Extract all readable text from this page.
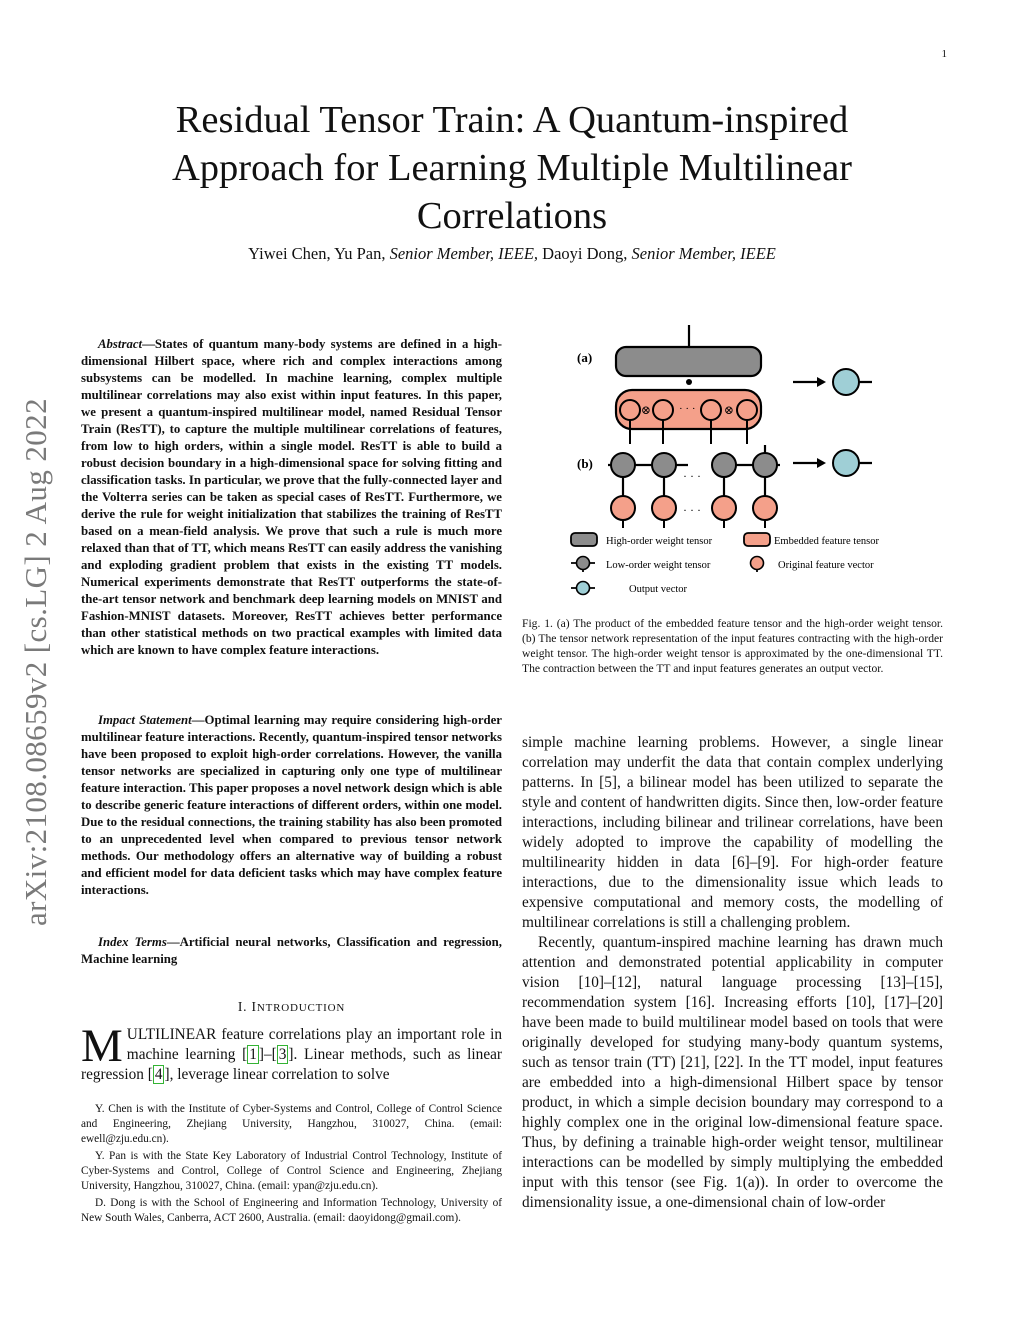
1
Residual Tensor Train: A Quantum-inspired Approach for Learning Multiple Multilinear Correlations
Yiwei Chen, Yu Pan, Senior Member, IEEE, Daoyi Dong, Senior Member, IEEE
arXiv:2108.08659v2 [cs.LG] 2 Aug 2022

Abstract—States of quantum many-body systems are defined in a high-dimensional Hilbert space, where rich and complex interactions among subsystems can be modelled. In machine learning, complex multiple multilinear correlations may also exist within input features. In this paper, we present a quantum-inspired multilinear model, named Residual Tensor Train (ResTT), to capture the multiple multilinear correlations of features, from low to high orders, within a single model. ResTT is able to build a robust decision boundary in a high-dimensional space for solving fitting and classification tasks. In particular, we prove that the fully-connected layer and the Volterra series can be taken as special cases of ResTT. Furthermore, we derive the rule for weight initialization that stabilizes the training of ResTT based on a mean-field analysis. We prove that such a rule is much more relaxed than that of TT, which means ResTT can easily address the vanishing and exploding gradient problem that exists in the existing TT models. Numerical experiments demonstrate that ResTT outperforms the state-of-the-art tensor network and benchmark deep learning models on MNIST and Fashion-MNIST datasets. Moreover, ResTT achieves better performance than other statistical methods on two practical examples with limited data which are known to have complex feature interactions.

Impact Statement—Optimal learning may require considering high-order multilinear feature interactions. Recently, quantum-inspired tensor networks have been proposed to exploit high-order correlations. However, the vanilla tensor networks are specialized in capturing only one type of multilinear feature interaction. This paper proposes a novel network design which is able to describe generic feature interactions of different orders, within one model. Due to the residual connections, the training stability has also been promoted to an unprecedented level when compared to previous tensor network methods. Our methodology offers an alternative way of building a robust and efficient model for data deficient tasks which may have complex feature interactions.

Index Terms—Artificial neural networks, Classification and regression, Machine learning

I. INTRODUCTION

MULTILINEAR feature correlations play an important role in machine learning [ 1 ]–[ 3 ]. Linear methods, such as linear regression [ 4 ], leverage linear correlation to solve

Y. Chen is with the Institute of Cyber-Systems and Control, College of Control Science and Engineering, Zhejiang University, Hangzhou, 310027, China. (email: ewell@zju.edu.cn).

Y. Pan is with the State Key Laboratory of Industrial Control Technology, Institute of Cyber-Systems and Control, College of Control Science and Engineering, Zhejiang University, Hangzhou, 310027, China. (email: ypan@zju.edu.cn).

D. Dong is with the School of Engineering and Information Technology, University of New South Wales, Canberra, ACT 2600, Australia. (email: daoyidong@gmail.com).

(a)
⊗	⊗
· · ·
(b)
· · ·
· · ·
High-order weight tensor	Embedded feature tensor
Low-order weight tensor	Original feature vector
Output vector
Fig. 1. (a) The product of the embedded feature tensor and the high-order weight tensor. (b) The tensor network representation of the input features contracting with the high-order weight tensor. The high-order weight tensor is approximated by the one-dimensional TT. The contraction between the TT and input features generates an output vector.

simple machine learning problems. However, a single linear correlation may underfit the data that contain complex underlying patterns. In [5], a bilinear model has been utilized to separate the style and content of handwritten digits. Since then, low-order feature interactions, including bilinear and trilinear correlations, have been widely adopted to improve the capability of modelling the multilinearity hidden in data [6]–[9]. For high-order feature interactions, due to the dimensionality issue which leads to expensive computational and memory costs, the modelling of multilinear correlations is still a challenging problem.

Recently, quantum-inspired machine learning has drawn much attention and demonstrated potential applicability in computer vision [10]–[12], natural language processing [13]–[15], recommendation system [16]. Increasing efforts [10], [17]–[20] have been made to build multilinear model based on tools that were originally developed for studying many-body quantum systems, such as tensor train (TT) [21], [22]. In the TT model, input features are embedded into a high-dimensional Hilbert space by tensor product, in which a simple decision boundary may correspond to a highly complex one in the original low-dimensional feature space. Thus, by defining a trainable high-order weight tensor, multilinear interactions can be modelled by simply multiplying the embedded input with this tensor (see Fig. 1(a)). In order to overcome the dimensionality issue, a one-dimensional chain of low-order
